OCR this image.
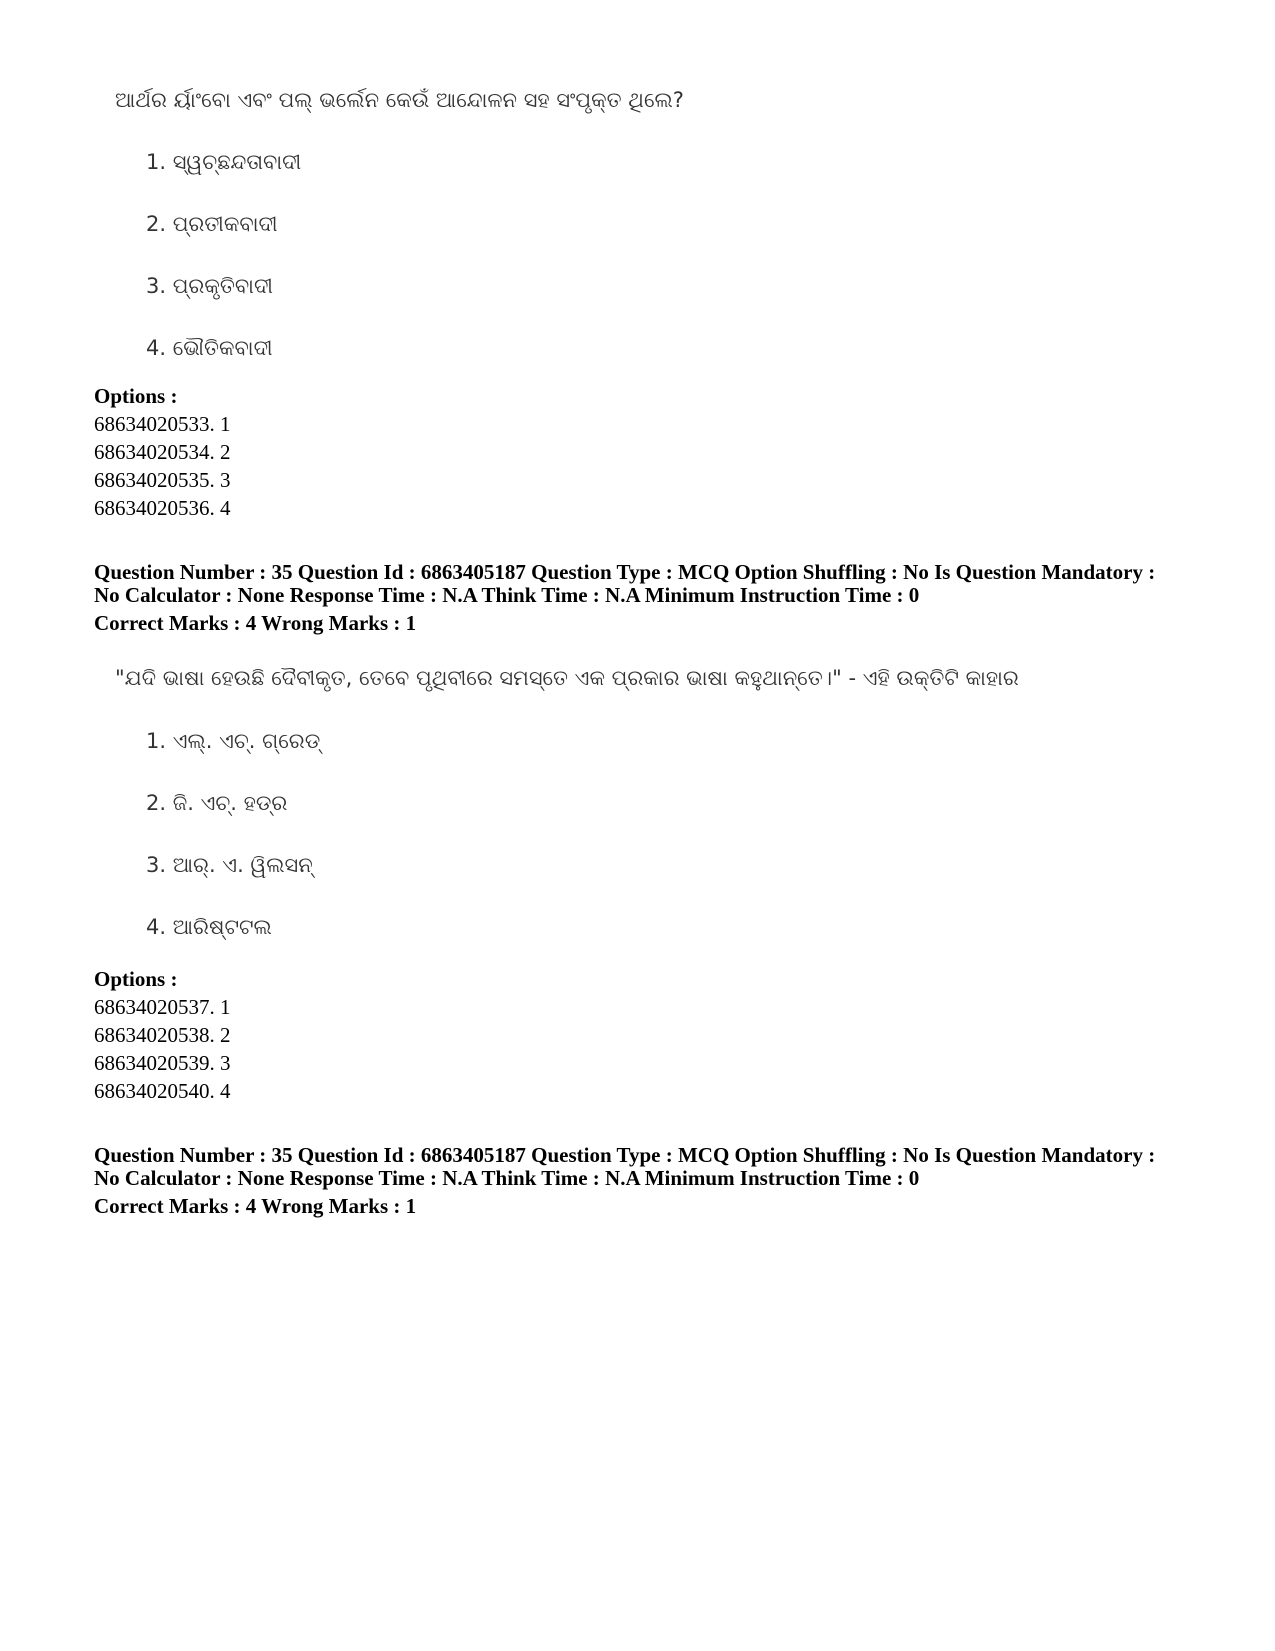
ଆର୍ଥର ର୍ୟାଂବୋ ଏବଂ ପଲ୍ ଭର୍ଲେନ କେଉଁ ଆନ୍ଦୋଳନ ସହ ସଂପୃକ୍ତ ଥିଲେ?
1. ସ୍ୱଚ୍ଛନ୍ଦତାବାଦୀ
2. ପ୍ରତୀକବାଦୀ
3. ପ୍ରକୃତିବାଦୀ
4. ଭୌତିକବାଦୀ
Options :
68634020533. 1
68634020534. 2
68634020535. 3
68634020536. 4
Question Number : 35 Question Id : 6863405187 Question Type : MCQ Option Shuffling : No Is Question Mandatory :
No Calculator : None Response Time : N.A Think Time : N.A Minimum Instruction Time : 0
Correct Marks : 4 Wrong Marks : 1
"ଯଦି ଭାଷା ହେଉଛି ଦୈବୀକୃତ, ତେବେ ପୃଥିବୀରେ ସମସ୍ତେ ଏକ ପ୍ରକାର ଭାଷା କହୁଥାନ୍ତେ।" - ଏହି ଉକ୍ତିଟି କାହାର
1. ଏଲ୍. ଏଚ୍. ଗ୍ରେଡ୍
2. ଜି. ଏଚ୍. ହଡ୍‌ର
3. ଆର୍. ଏ. ୱିଲସନ୍
4. ଆରିଷ୍ଟଟଲ
Options :
68634020537. 1
68634020538. 2
68634020539. 3
68634020540. 4
Question Number : 35 Question Id : 6863405187 Question Type : MCQ Option Shuffling : No Is Question Mandatory :
No Calculator : None Response Time : N.A Think Time : N.A Minimum Instruction Time : 0
Correct Marks : 4 Wrong Marks : 1
